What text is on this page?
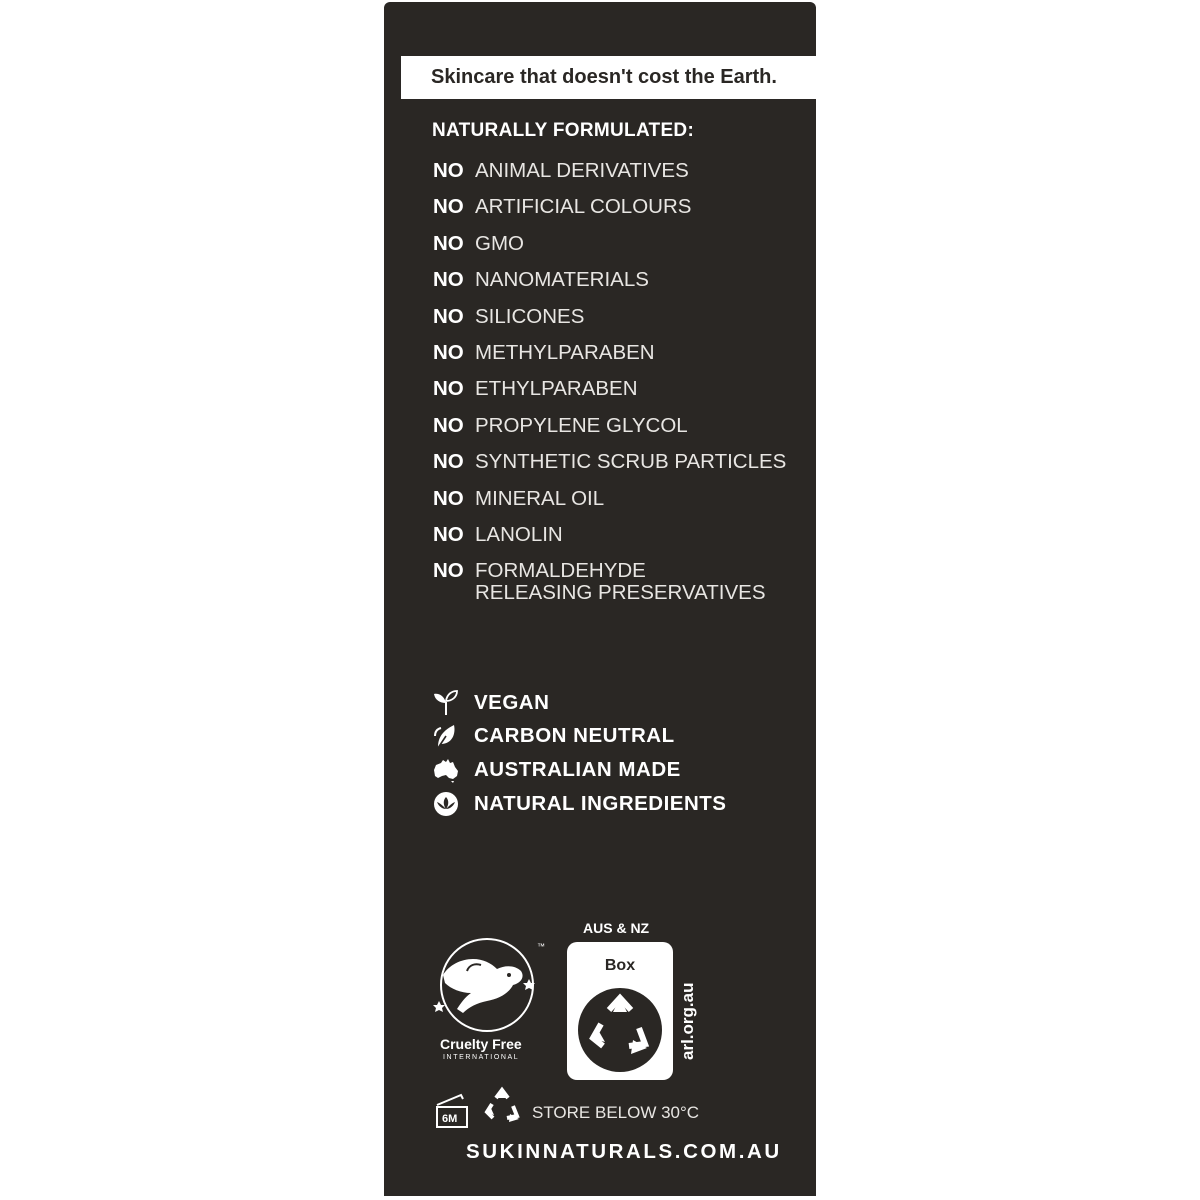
Skincare that doesn't cost the Earth.
NATURALLY FORMULATED:
NO ANIMAL DERIVATIVES
NO ARTIFICIAL COLOURS
NO GMO
NO NANOMATERIALS
NO SILICONES
NO METHYLPARABEN
NO ETHYLPARABEN
NO PROPYLENE GLYCOL
NO SYNTHETIC SCRUB PARTICLES
NO MINERAL OIL
NO LANOLIN
NO FORMALDEHYDE
RELEASING PRESERVATIVES
VEGAN
CARBON NEUTRAL
AUSTRALIAN MADE
NATURAL INGREDIENTS
™
Cruelty Free
INTERNATIONAL
AUS & NZ
Box
arl.org.au
6M	STORE BELOW 30°C
SUKINNATURALS.COM.AU
